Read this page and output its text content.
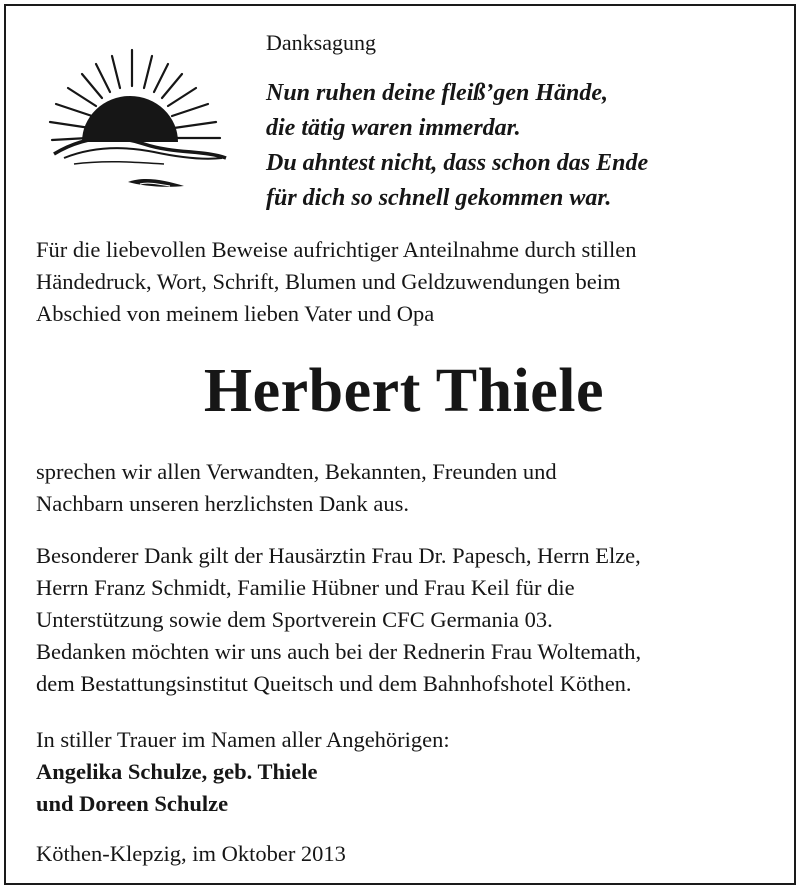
Danksagung
Nun ruhen deine fleiß’gen Hände,
die tätig waren immerdar.
Du ahntest nicht, dass schon das Ende
für dich so schnell gekommen war.
Für die liebevollen Beweise aufrichtiger Anteilnahme durch stillen
Händedruck, Wort, Schrift, Blumen und Geldzuwendungen beim
Abschied von meinem lieben Vater und Opa
Herbert Thiele
sprechen wir allen Verwandten, Bekannten, Freunden und
Nachbarn unseren herzlichsten Dank aus.
Besonderer Dank gilt der Hausärztin Frau Dr. Papesch, Herrn Elze,
Herrn Franz Schmidt, Familie Hübner und Frau Keil für die
Unterstützung sowie dem Sportverein CFC Germania 03.
Bedanken möchten wir uns auch bei der Rednerin Frau Woltemath,
dem Bestattungsinstitut Queitsch und dem Bahnhofshotel Köthen.
In stiller Trauer im Namen aller Angehörigen:
Angelika Schulze, geb. Thiele
und Doreen Schulze
Köthen-Klepzig, im Oktober 2013
